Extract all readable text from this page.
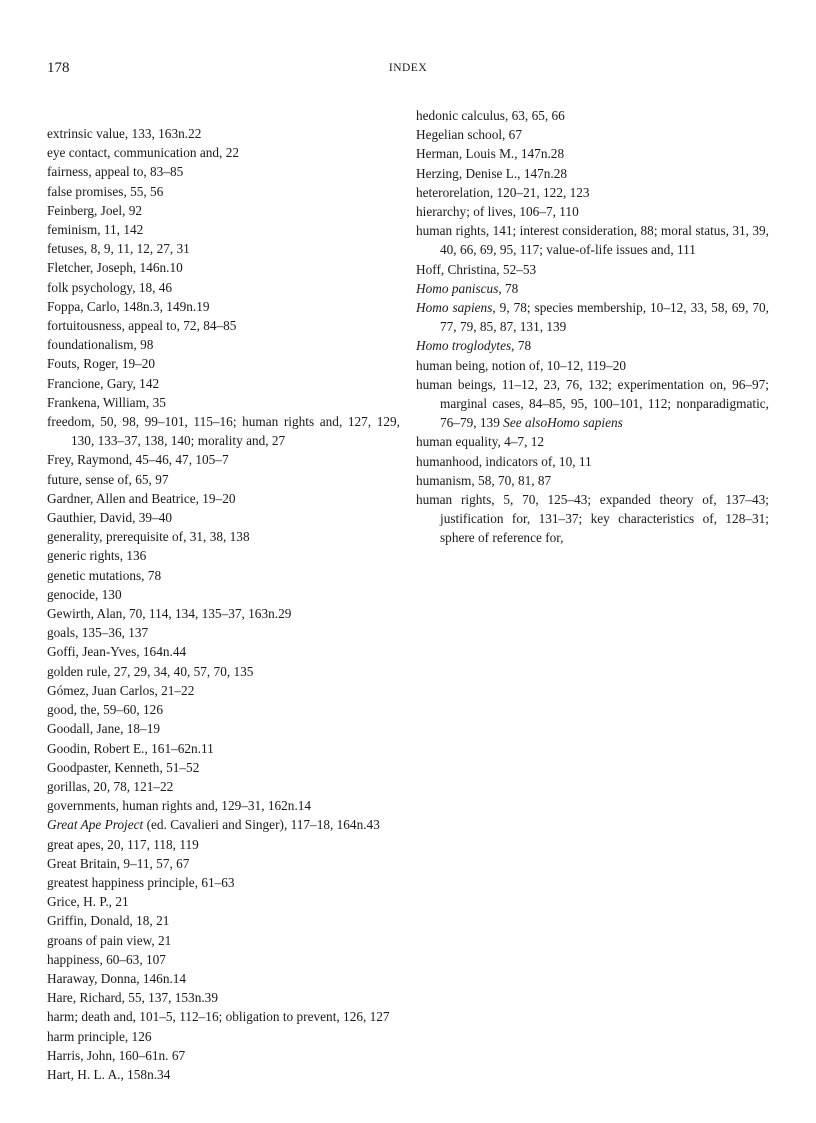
178	INDEX
extrinsic value, 133, 163n.22
eye contact, communication and, 22
fairness, appeal to, 83–85
false promises, 55, 56
Feinberg, Joel, 92
feminism, 11, 142
fetuses, 8, 9, 11, 12, 27, 31
Fletcher, Joseph, 146n.10
folk psychology, 18, 46
Foppa, Carlo, 148n.3, 149n.19
fortuitousness, appeal to, 72, 84–85
foundationalism, 98
Fouts, Roger, 19–20
Francione, Gary, 142
Frankena, William, 35
freedom, 50, 98, 99–101, 115–16; human rights and, 127, 129, 130, 133–37, 138, 140; morality and, 27
Frey, Raymond, 45–46, 47, 105–7
future, sense of, 65, 97
Gardner, Allen and Beatrice, 19–20
Gauthier, David, 39–40
generality, prerequisite of, 31, 38, 138
generic rights, 136
genetic mutations, 78
genocide, 130
Gewirth, Alan, 70, 114, 134, 135–37, 163n.29
goals, 135–36, 137
Goffi, Jean-Yves, 164n.44
golden rule, 27, 29, 34, 40, 57, 70, 135
Gómez, Juan Carlos, 21–22
good, the, 59–60, 126
Goodall, Jane, 18–19
Goodin, Robert E., 161–62n.11
Goodpaster, Kenneth, 51–52
gorillas, 20, 78, 121–22
governments, human rights and, 129–31, 162n.14
Great Ape Project (ed. Cavalieri and Singer), 117–18, 164n.43
great apes, 20, 117, 118, 119
Great Britain, 9–11, 57, 67
greatest happiness principle, 61–63
Grice, H. P., 21
Griffin, Donald, 18, 21
groans of pain view, 21
happiness, 60–63, 107
Haraway, Donna, 146n.14
Hare, Richard, 55, 137, 153n.39
harm; death and, 101–5, 112–16; obligation to prevent, 126, 127
harm principle, 126
Harris, John, 160–61n. 67
Hart, H. L. A., 158n.34
hedonic calculus, 63, 65, 66
Hegelian school, 67
Herman, Louis M., 147n.28
Herzing, Denise L., 147n.28
heterorelation, 120–21, 122, 123
hierarchy; of lives, 106–7, 110
human rights, 141; interest consideration, 88; moral status, 31, 39, 40, 66, 69, 95, 117; value-of-life issues and, 111
Hoff, Christina, 52–53
Homo paniscus, 78
Homo sapiens, 9, 78; species membership, 10–12, 33, 58, 69, 70, 77, 79, 85, 87, 131, 139
Homo troglodytes, 78
human being, notion of, 10–12, 119–20
human beings, 11–12, 23, 76, 132; experimentation on, 96–97; marginal cases, 84–85, 95, 100–101, 112; nonparadigmatic, 76–79, 139 See alsoHomo sapiens
human equality, 4–7, 12
humanhood, indicators of, 10, 11
humanism, 58, 70, 81, 87
human rights, 5, 70, 125–43; expanded theory of, 137–43; justification for, 131–37; key characteristics of, 128–31; sphere of reference for,
